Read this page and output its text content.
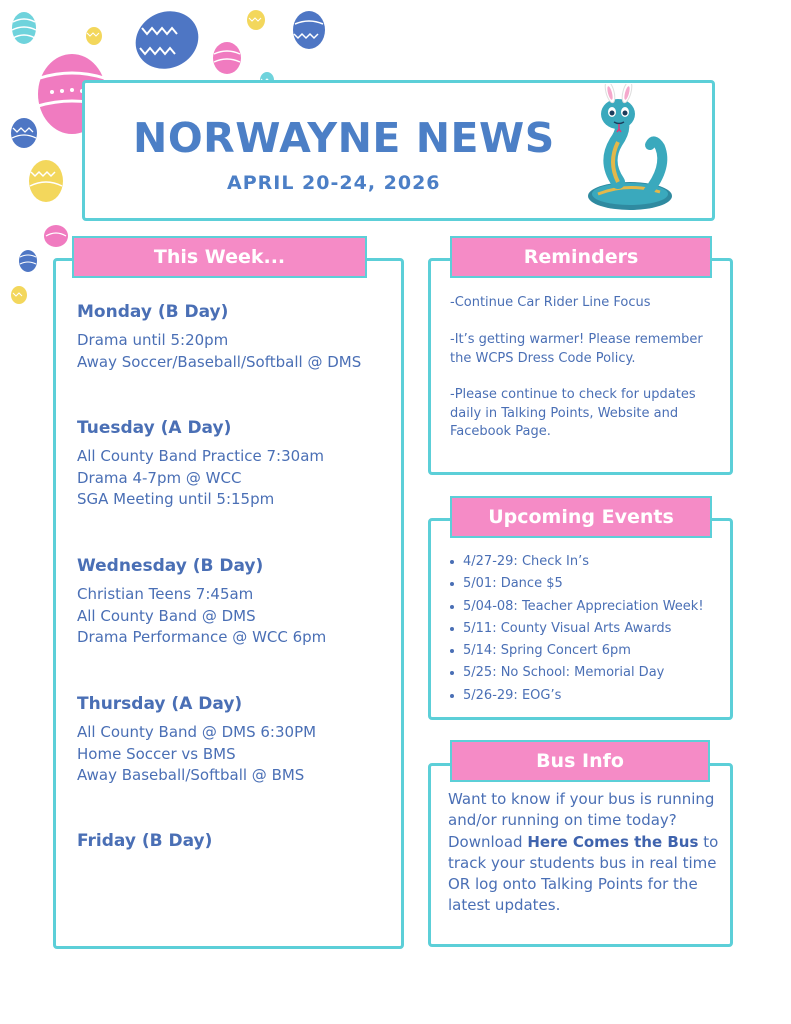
NORWAYNE NEWS
APRIL 20-24, 2026
This Week...
Monday (B Day)
Drama until 5:20pm
Away Soccer/Baseball/Softball @ DMS
Tuesday (A Day)
All County Band Practice 7:30am
Drama 4-7pm @ WCC
SGA Meeting until 5:15pm
Wednesday (B Day)
Christian Teens 7:45am
All County Band @ DMS
Drama Performance @ WCC 6pm
Thursday (A Day)
All County Band @ DMS 6:30PM
Home Soccer vs BMS
Away Baseball/Softball @ BMS
Friday (B Day)
Reminders
-Continue Car Rider Line Focus
-It’s getting warmer! Please remember the WCPS Dress Code Policy.
-Please continue to check for updates daily in Talking Points, Website and Facebook Page.
Upcoming Events
4/27-29: Check In’s
5/01: Dance $5
5/04-08: Teacher Appreciation Week!
5/11: County Visual Arts Awards
5/14: Spring Concert 6pm
5/25: No School: Memorial Day
5/26-29: EOG’s
Bus Info
Want to know if your bus is running and/or running on time today?
Download Here Comes the Bus to track your students bus in real time OR log onto Talking Points for the latest updates.
